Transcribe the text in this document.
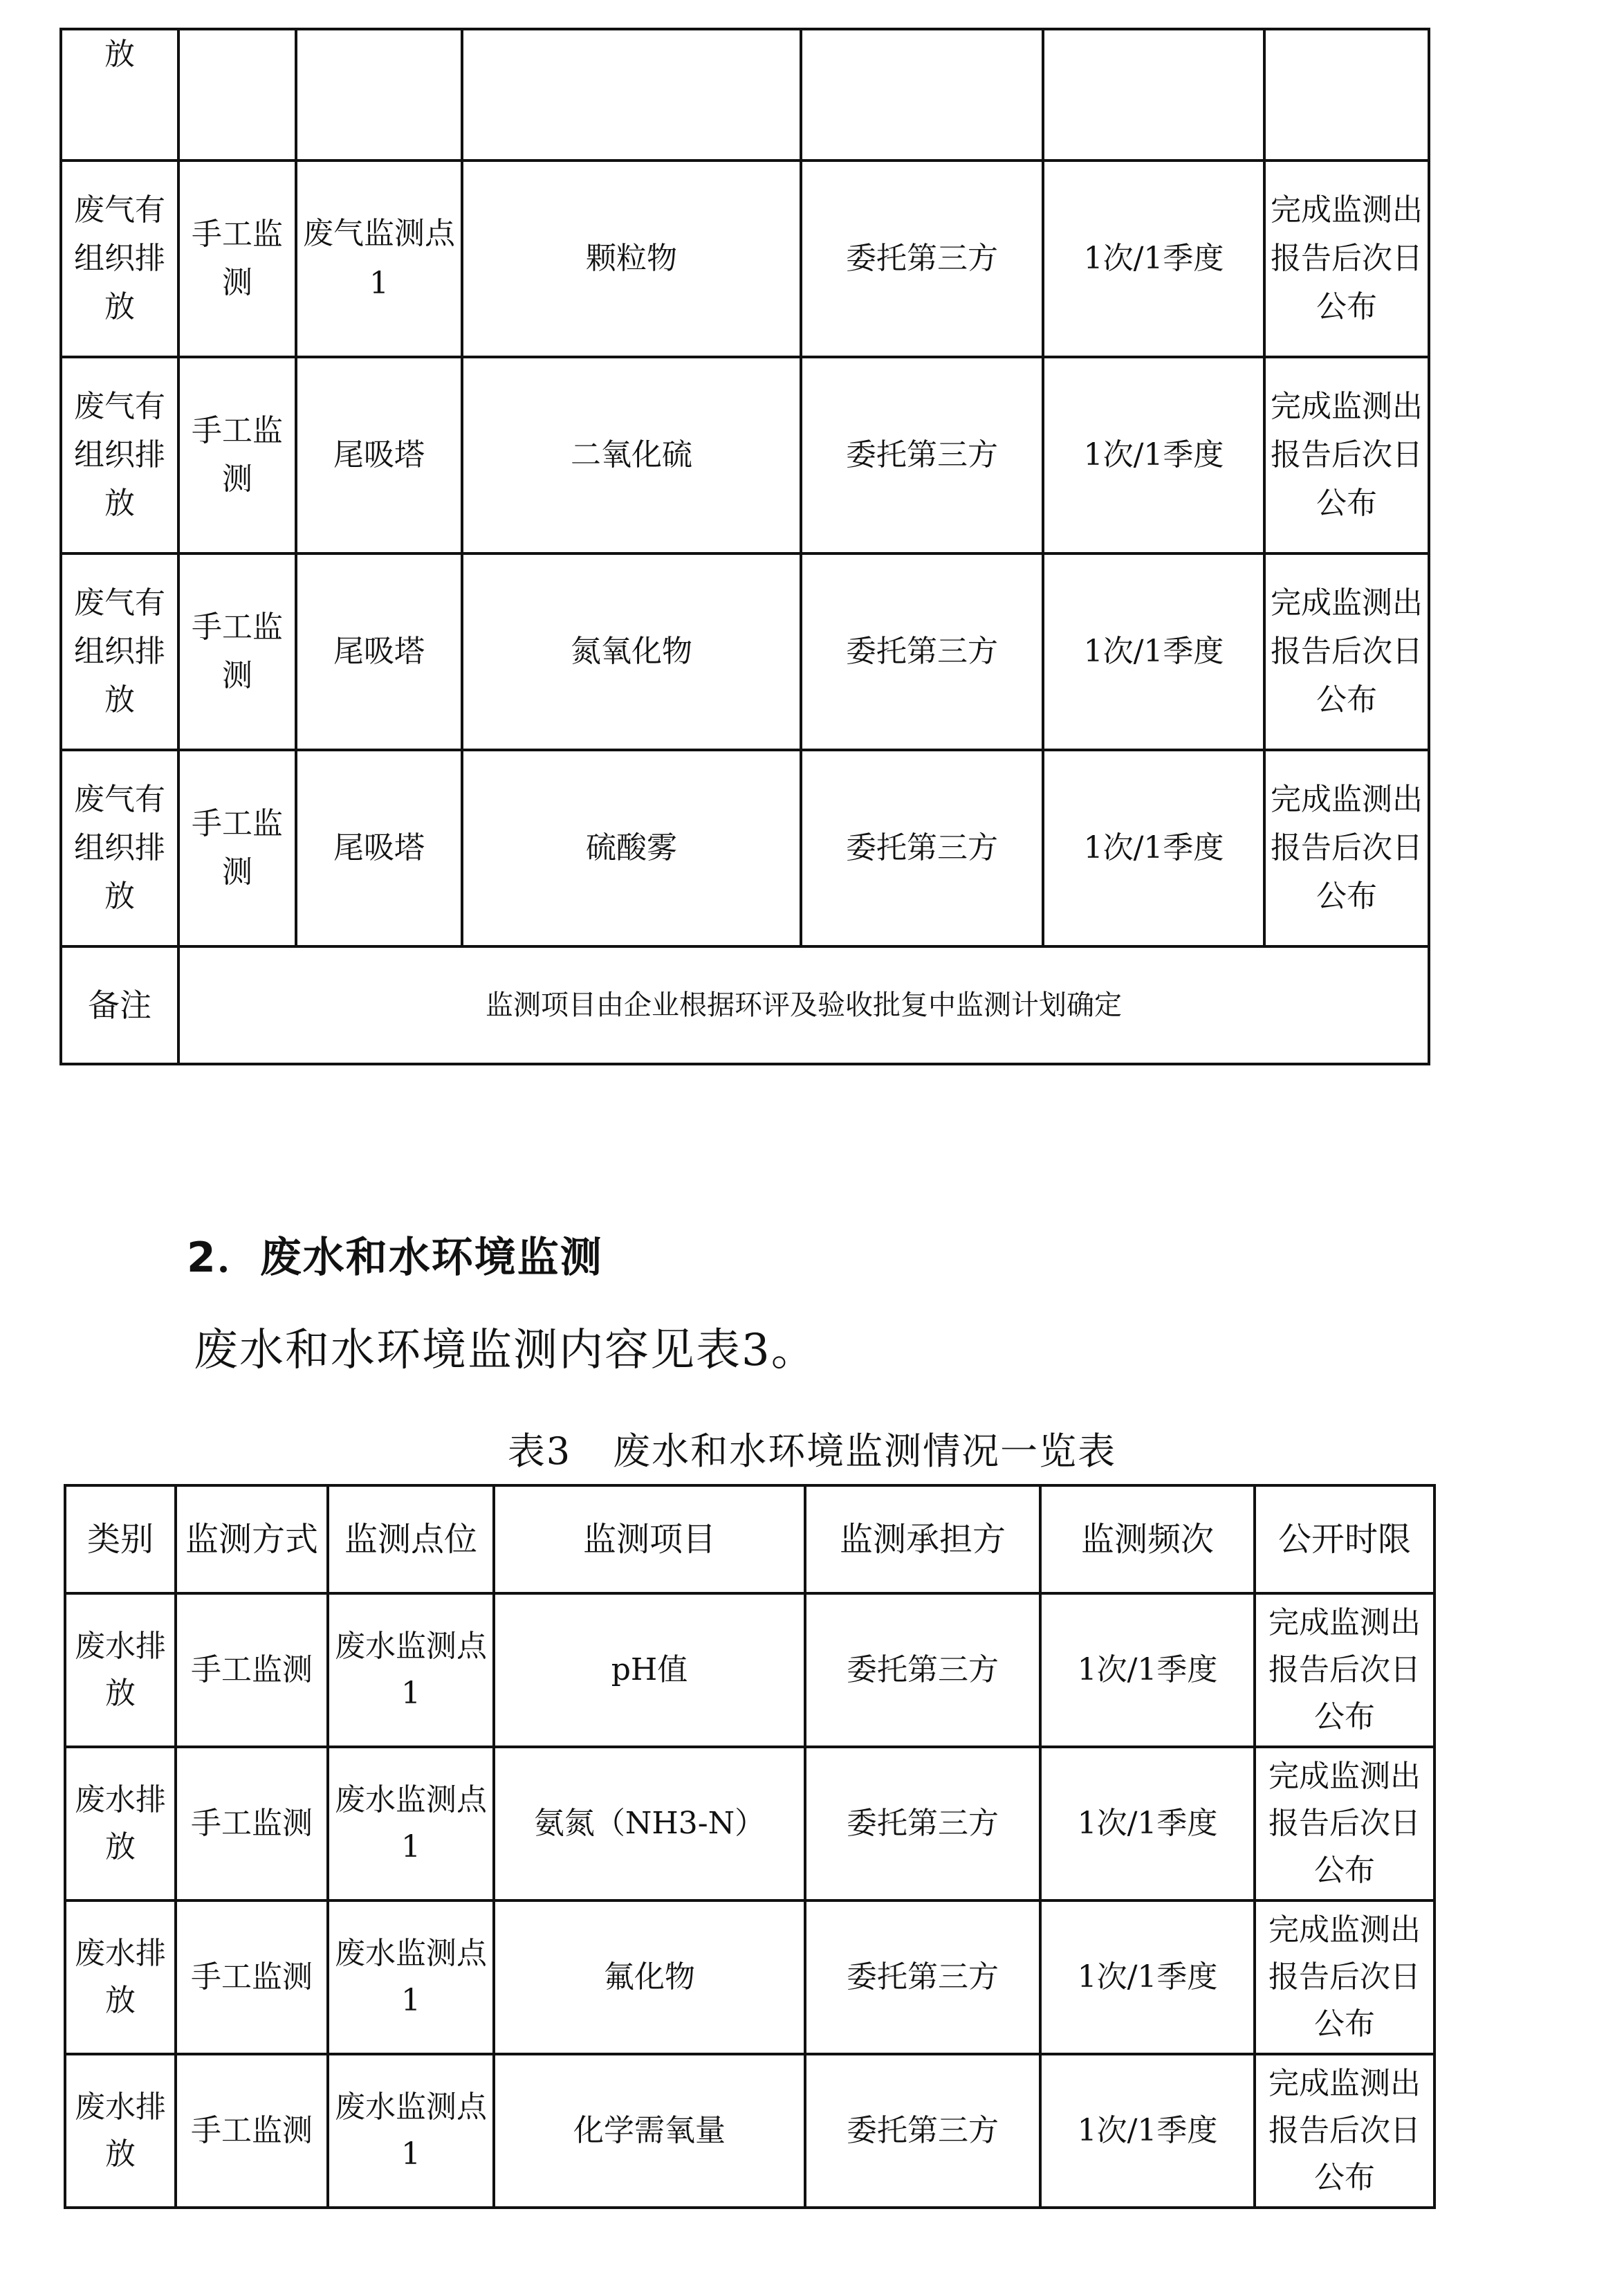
放						
废气有组织排放	手工监测	废气监测点1	颗粒物	委托第三方	1次/1季度	完成监测出报告后次日公布
废气有组织排放	手工监测	尾吸塔	二氧化硫	委托第三方	1次/1季度	完成监测出报告后次日公布
废气有组织排放	手工监测	尾吸塔	氮氧化物	委托第三方	1次/1季度	完成监测出报告后次日公布
废气有组织排放	手工监测	尾吸塔	硫酸雾	委托第三方	1次/1季度	完成监测出报告后次日公布
备注	监测项目由企业根据环评及验收批复中监测计划确定					
2．废水和水环境监测
废水和水环境监测内容见表3。
表3 废水和水环境监测情况一览表
类别	监测方式	监测点位	监测项目	监测承担方	监测频次	公开时限
废水排放	手工监测	废水监测点1	pH值	委托第三方	1次/1季度	完成监测出报告后次日公布
废水排放	手工监测	废水监测点1	氨氮（NH3-N）	委托第三方	1次/1季度	完成监测出报告后次日公布
废水排放	手工监测	废水监测点1	氟化物	委托第三方	1次/1季度	完成监测出报告后次日公布
废水排放	手工监测	废水监测点1	化学需氧量	委托第三方	1次/1季度	完成监测出报告后次日公布
